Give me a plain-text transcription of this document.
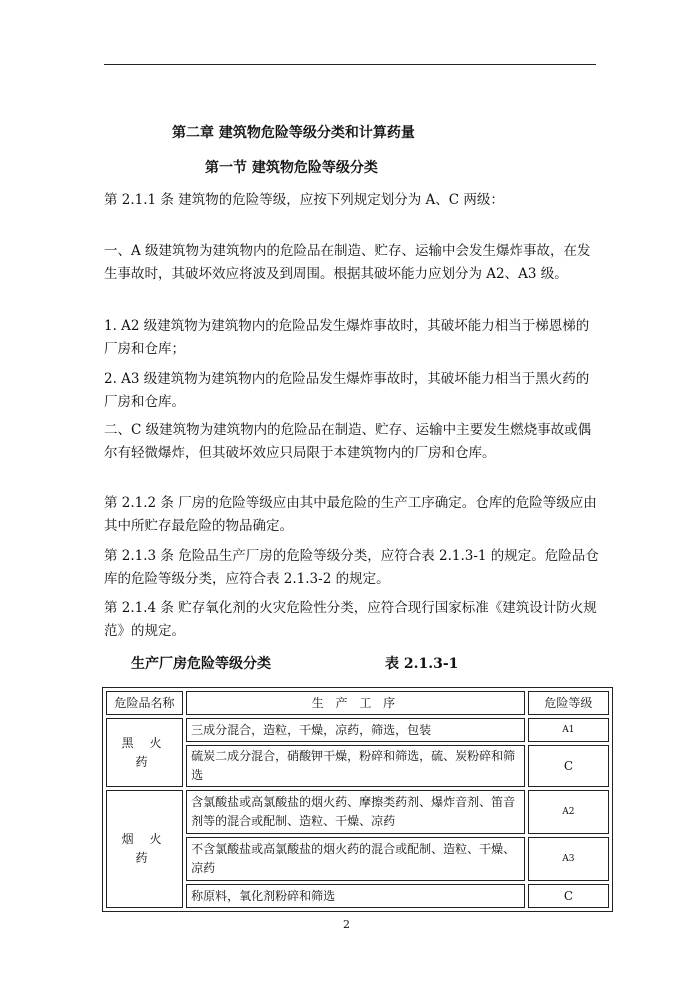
第二章 建筑物危险等级分类和计算药量
第一节 建筑物危险等级分类
第 2.1.1 条 建筑物的危险等级，应按下列规定划分为 A、C 两级：
一、A 级建筑物为建筑物内的危险品在制造、贮存、运输中会发生爆炸事故，在发生事故时，其破坏效应将波及到周围。根据其破坏能力应划分为 A2、A3 级。
1. A2 级建筑物为建筑物内的危险品发生爆炸事故时，其破坏能力相当于梯恩梯的厂房和仓库；
2. A3 级建筑物为建筑物内的危险品发生爆炸事故时，其破坏能力相当于黑火药的厂房和仓库。
二、C 级建筑物为建筑物内的危险品在制造、贮存、运输中主要发生燃烧事故或偶尔有轻微爆炸，但其破坏效应只局限于本建筑物内的厂房和仓库。
第 2.1.2 条 厂房的危险等级应由其中最危险的生产工序确定。仓库的危险等级应由其中所贮存最危险的物品确定。
第 2.1.3 条 危险品生产厂房的危险等级分类，应符合表 2.1.3-1 的规定。危险品仓库的危险等级分类，应符合表 2.1.3-2 的规定。
第 2.1.4 条 贮存氧化剂的火灾危险性分类，应符合现行国家标准《建筑设计防火规范》的规定。
生产厂房危险等级分类	表 2.1.3-1
危险品名称	生 产 工 序	危险等级
黑 火 药	三成分混合，造粒，干燥，凉药，筛选，包装	A1
	硫炭二成分混合，硝酸钾干燥，粉碎和筛选，硫、炭粉碎和筛选	C
烟 火 药	含氯酸盐或高氯酸盐的烟火药、摩擦类药剂、爆炸音剂、笛音剂等的混合或配制、造粒、干燥、凉药	A2
	不含氯酸盐或高氯酸盐的烟火药的混合或配制、造粒、干燥、凉药	A3
	称原料，氧化剂粉碎和筛选	C
2
